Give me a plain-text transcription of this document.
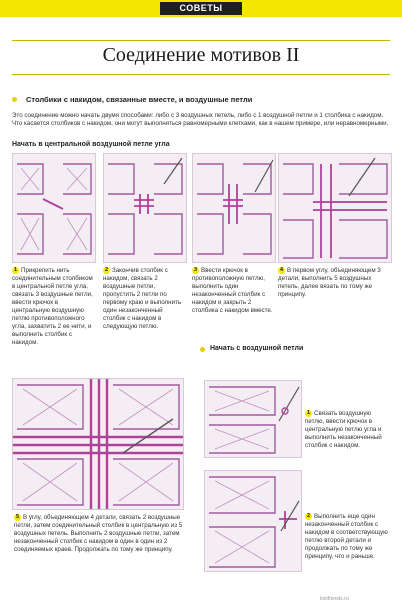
СОВЕТЫ
Соединение мотивов II
Столбики с накидом, связанные вместе, и воздушные петли
Это соединение можно начать двумя способами: либо с 3 воздушных петель, либо с 1 воздушной петли и 1 столбика с накидом. Что касается столбиков с накидом, они могут выполняться равномерными клетками, как в нашем примере, или неравномерными.
Начать в центральной воздушной петле угла
1 Прикрепить нить соединительным столбиком в центральной петле угла, связать 3 воздушные петли, ввести крючок в центральную воздушную петлю противоположного угла, захватить 2 ее нити, и выполнить столбик с накидом.
2 Закончив столбик с накидом, связать 2 воздушные петли, пропустить 2 петли по первому краю и выполнить один незаконченный столбик с накидом в следующую петлю.
3 Ввести крючок в противоположную петлю, выполнить один незаконченный столбик с накидом и закрыть 2 столбика с накидом вместе.
4 В первом углу, объединяющем 3 детали, выполнить 5 воздушных петель, далее вязать по тому же принципу.
Начать с воздушной петли
1 Связать воздушную петлю, ввести крючок в центральную петлю угла и выполнить незаконченный столбик с накидом.
2 Выполнить еще один незаконченный столбик с накидом в соответствующую петлю второй детали и продолжать по тому же принципу, что и раньше.
5 В углу, объединяющем 4 детали, связать 2 воздушные петли, затем соединительный столбик в центральную из 5 воздушных петель. Выполнить 2 воздушные петли, затем незаконченный столбик с накидом в один в один из 2 соединяемых краев. Продолжать по тому же принципу.
knitfriends.ru
